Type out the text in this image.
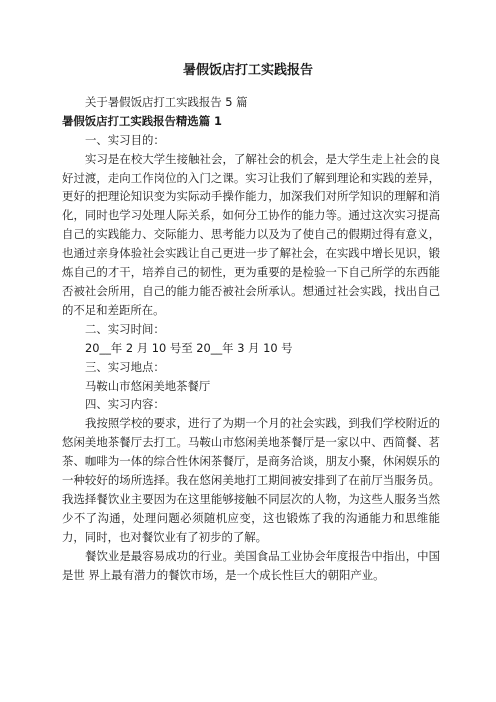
暑假饭店打工实践报告
关于暑假饭店打工实践报告 5 篇
暑假饭店打工实践报告精选篇 1
一、实习目的：
实习是在校大学生接触社会，了解社会的机会，是大学生走上社会的良好过渡，走向工作岗位的入门之课。实习让我们了解到理论和实践的差异，更好的把理论知识变为实际动手操作能力，加深我们对所学知识的理解和消化，同时也学习处理人际关系，如何分工协作的能力等。通过这次实习提高自己的实践能力、交际能力、思考能力以及为了使自己的假期过得有意义，也通过亲身体验社会实践让自己更进一步了解社会，在实践中增长见识，锻炼自己的才干，培养自己的韧性，更为重要的是检验一下自己所学的东西能否被社会所用，自己的能力能否被社会所承认。想通过社会实践，找出自己的不足和差距所在。
二、实习时间：
20__年 2 月 10 号至 20__年 3 月 10 号
三、实习地点：
马鞍山市悠闲美地茶餐厅
四、实习内容：
我按照学校的要求，进行了为期一个月的社会实践，到我们学校附近的悠闲美地茶餐厅去打工。马鞍山市悠闲美地茶餐厅是一家以中、西简餐、茗茶、咖啡为一体的综合性休闲茶餐厅，是商务洽谈，朋友小聚，休闲娱乐的一种较好的场所选择。我在悠闲美地打工期间被安排到了在前厅当服务员。我选择餐饮业主要因为在这里能够接触不同层次的人物，为这些人服务当然少不了沟通，处理问题必须随机应变，这也锻炼了我的沟通能力和思维能力，同时，也对餐饮业有了初步的了解。
餐饮业是最容易成功的行业。美国食品工业协会年度报告中指出，中国是世 界上最有潜力的餐饮市场，是一个成长性巨大的朝阳产业。
